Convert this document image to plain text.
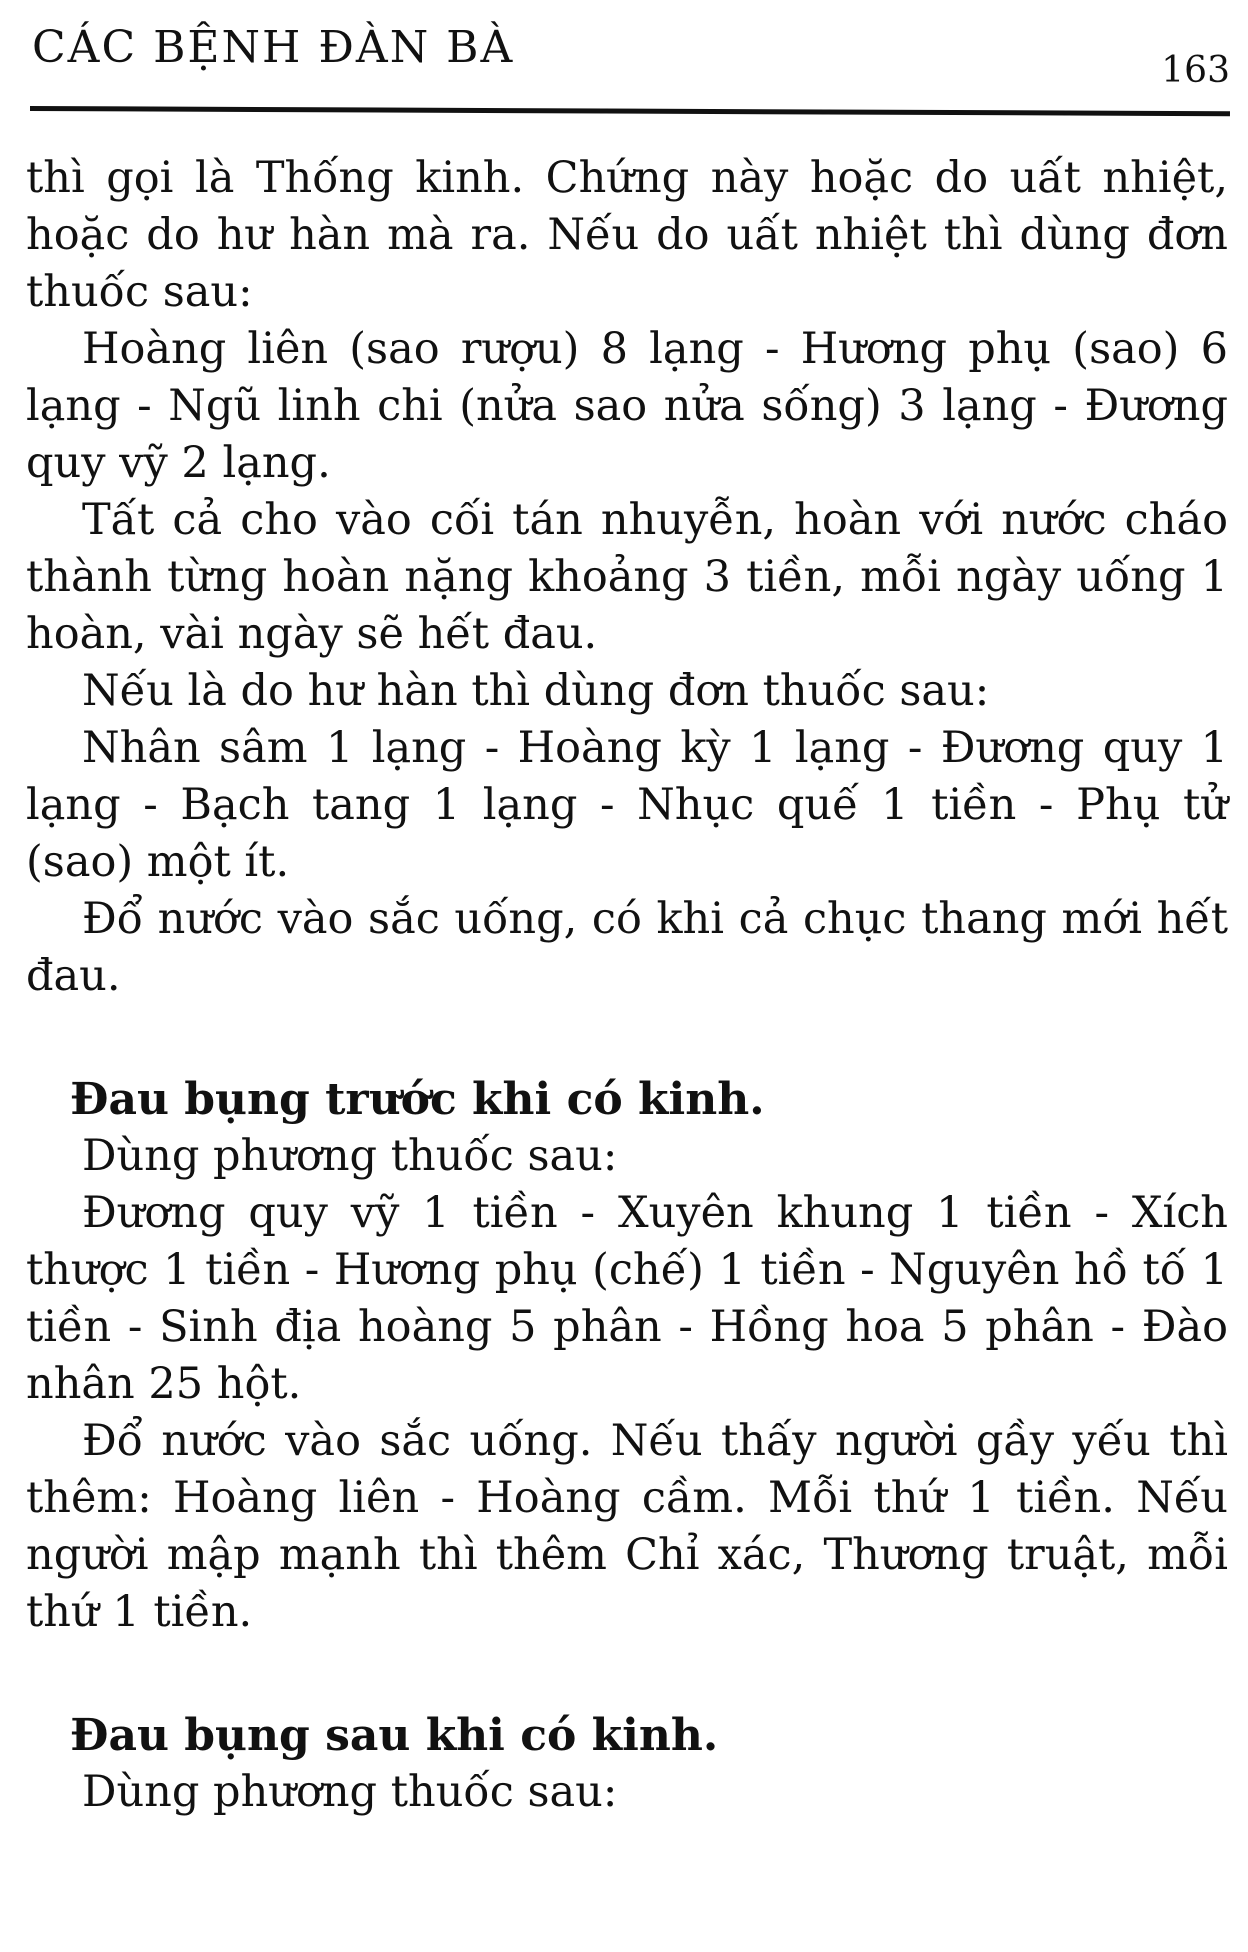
CÁC BỆNH ĐÀN BÀ	163

thì gọi là Thống kinh. Chứng này hoặc do uất nhiệt, hoặc do hư hàn mà ra. Nếu do uất nhiệt thì dùng đơn thuốc sau:

Hoàng liên (sao rượu) 8 lạng - Hương phụ (sao) 6 lạng - Ngũ linh chi (nửa sao nửa sống) 3 lạng - Đương quy vỹ 2 lạng.

Tất cả cho vào cối tán nhuyễn, hoàn với nước cháo thành từng hoàn nặng khoảng 3 tiền, mỗi ngày uống 1 hoàn, vài ngày sẽ hết đau.

Nếu là do hư hàn thì dùng đơn thuốc sau:

Nhân sâm 1 lạng - Hoàng kỳ 1 lạng - Đương quy 1 lạng - Bạch tang 1 lạng - Nhục quế 1 tiền - Phụ tử (sao) một ít.

Đổ nước vào sắc uống, có khi cả chục thang mới hết đau.

Đau bụng trước khi có kinh.

Dùng phương thuốc sau:

Đương quy vỹ 1 tiền - Xuyên khung 1 tiền - Xích thược 1 tiền - Hương phụ (chế) 1 tiền - Nguyên hồ tố 1 tiền - Sinh địa hoàng 5 phân - Hồng hoa 5 phân - Đào nhân 25 hột.

Đổ nước vào sắc uống. Nếu thấy người gầy yếu thì thêm: Hoàng liên - Hoàng cầm. Mỗi thứ 1 tiền. Nếu người mập mạnh thì thêm Chỉ xác, Thương truật, mỗi thứ 1 tiền.

Đau bụng sau khi có kinh.

Dùng phương thuốc sau:
